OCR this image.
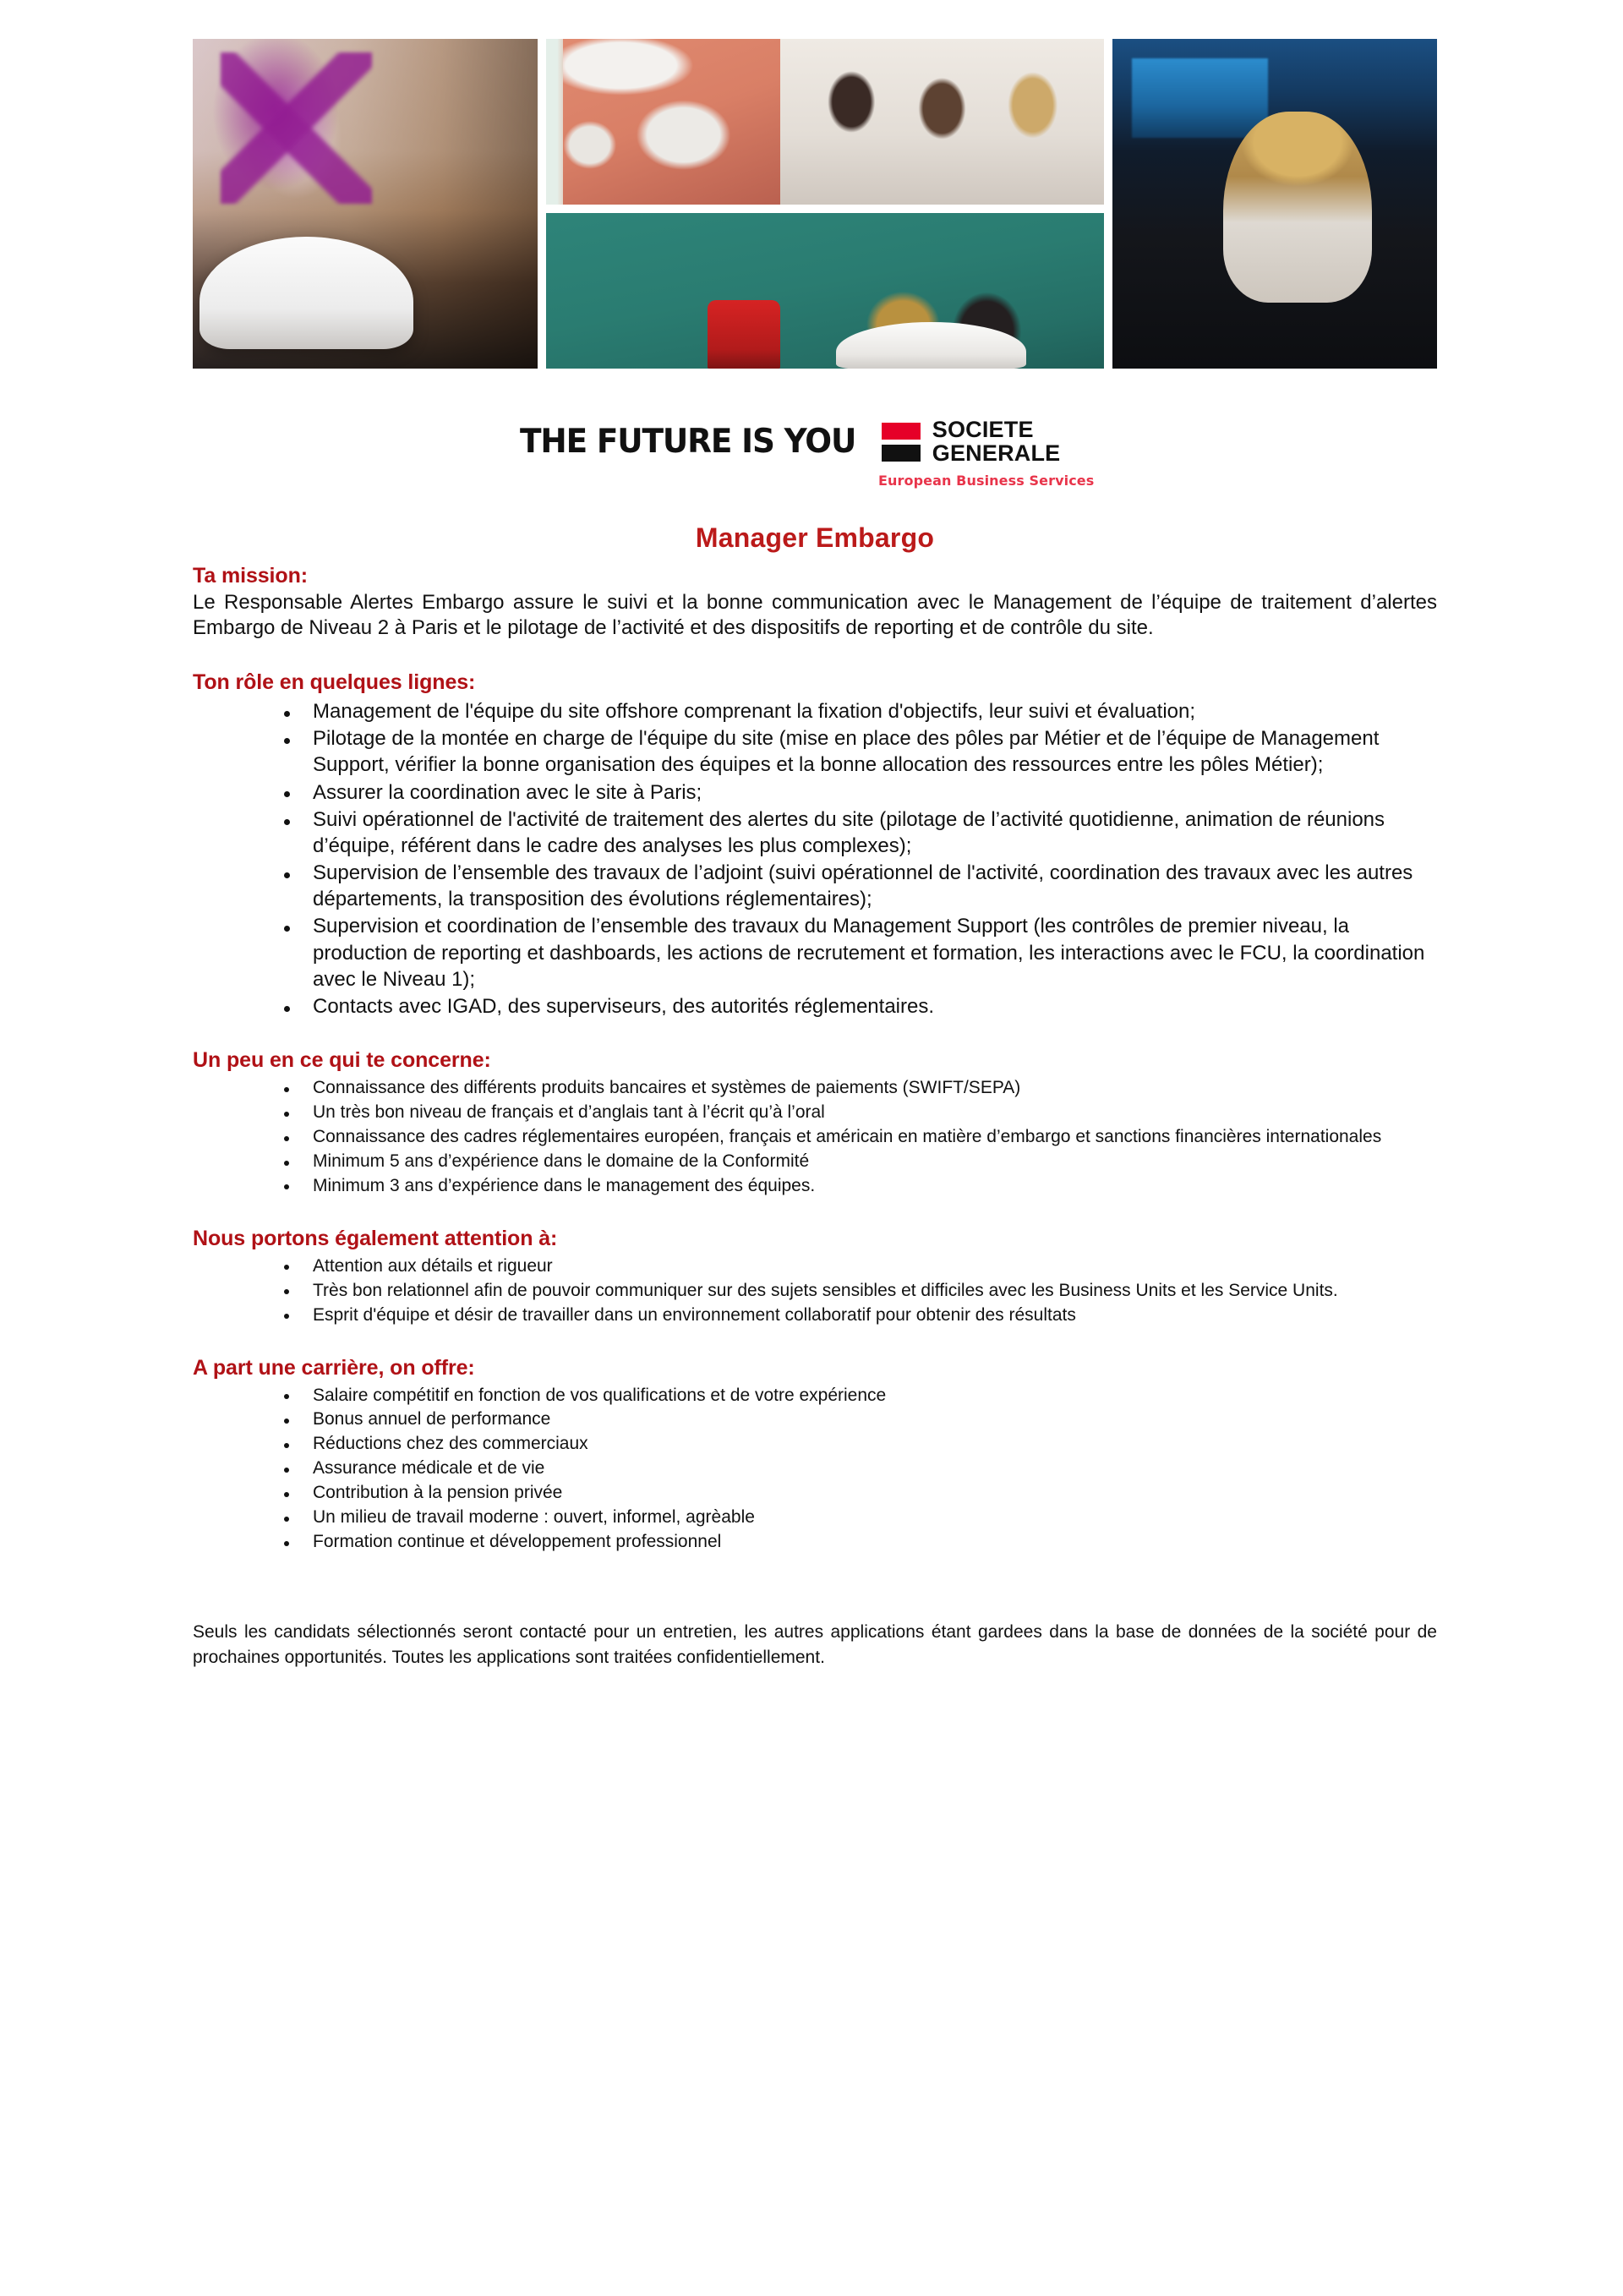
THE FUTURE IS YOU	SOCIETE
GENERALE
European Business Services
Manager Embargo
Ta mission:

Le Responsable Alertes Embargo assure le suivi et la bonne communication avec le Management de l’équipe de traitement d’alertes Embargo de Niveau 2 à Paris et le pilotage de l’activité et des dispositifs de reporting et de contrôle du site.

Ton rôle en quelques lignes:
Management de l'équipe du site offshore comprenant la fixation d'objectifs, leur suivi et évaluation;
Pilotage de la montée en charge de l'équipe du site (mise en place des pôles par Métier et de l’équipe de Management Support, vérifier la bonne organisation des équipes et la bonne allocation des ressources entre les pôles Métier);
Assurer la coordination avec le site à Paris;
Suivi opérationnel de l'activité de traitement des alertes du site (pilotage de l’activité quotidienne, animation de réunions d’équipe, référent dans le cadre des analyses les plus complexes);
Supervision de l’ensemble des travaux de l’adjoint (suivi opérationnel de l'activité, coordination des travaux avec les autres départements, la transposition des évolutions réglementaires);
Supervision et coordination de l’ensemble des travaux du Management Support (les contrôles de premier niveau, la production de reporting et dashboards, les actions de recrutement et formation, les interactions avec le FCU, la coordination avec le Niveau 1);
Contacts avec IGAD, des superviseurs, des autorités réglementaires.
Un peu en ce qui te concerne:
Connaissance des différents produits bancaires et systèmes de paiements (SWIFT/SEPA)
Un très bon niveau de français et d’anglais tant à l’écrit qu’à l’oral
Connaissance des cadres réglementaires européen, français et américain en matière d’embargo et sanctions financières internationales
Minimum 5 ans d’expérience dans le domaine de la Conformité
Minimum 3 ans d’expérience dans le management des équipes.
Nous portons également attention à:
Attention aux détails et rigueur
Très bon relationnel afin de pouvoir communiquer sur des sujets sensibles et difficiles avec les Business Units et les Service Units.
Esprit d'équipe et désir de travailler dans un environnement collaboratif pour obtenir des résultats
A part une carrière, on offre:
Salaire compétitif en fonction de vos qualifications et de votre expérience
Bonus annuel de performance
Réductions chez des commerciaux
Assurance médicale et de vie
Contribution à la pension privée
Un milieu de travail moderne : ouvert, informel, agrèable
Formation continue et développement professionnel

Seuls les candidats sélectionnés seront contacté pour un entretien, les autres applications étant gardees dans la base de données de la société pour de prochaines opportunités. Toutes les applications sont traitées confidentiellement.
